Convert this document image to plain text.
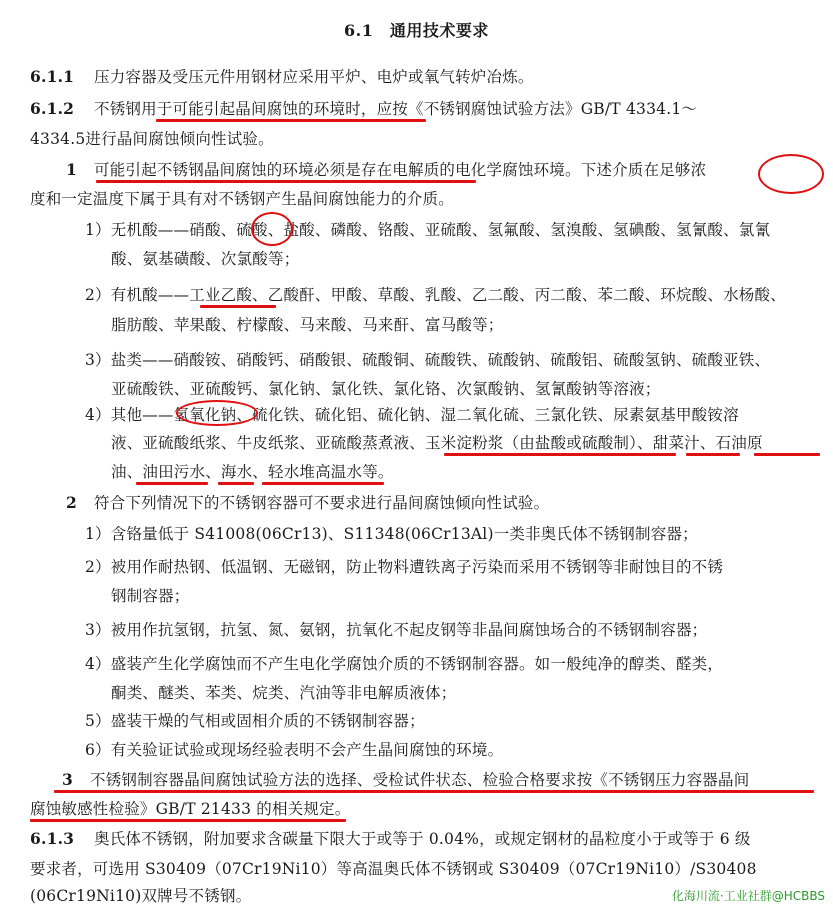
6.1　通用技术要求
6.1.1 压力容器及受压元件用钢材应采用平炉、电炉或氧气转炉冶炼。
6.1.2 不锈钢用于可能引起晶间腐蚀的环境时，应按《不锈钢腐蚀试验方法》GB/T 4334.1～
4334.5进行晶间腐蚀倾向性试验。
1 可能引起不锈钢晶间腐蚀的环境必须是存在电解质的电化学腐蚀环境。下述介质在足够浓
度和一定温度下属于具有对不锈钢产生晶间腐蚀能力的介质。
1）无机酸——硝酸、硫酸、盐酸、磷酸、铬酸、亚硫酸、氢氟酸、氢溴酸、氢碘酸、氢氰酸、氯氰
酸、氨基磺酸、次氯酸等；
2）有机酸——工业乙酸、乙酸酐、甲酸、草酸、乳酸、乙二酸、丙二酸、苯二酸、环烷酸、水杨酸、
脂肪酸、苹果酸、柠檬酸、马来酸、马来酐、富马酸等；
3）盐类——硝酸铵、硝酸钙、硝酸银、硫酸铜、硫酸铁、硫酸钠、硫酸铝、硫酸氢钠、硫酸亚铁、
亚硫酸铁、亚硫酸钙、氯化钠、氯化铁、氯化铬、次氯酸钠、氢氰酸钠等溶液；
4）其他——氢氧化钠、硫化铁、硫化铝、硫化钠、湿二氧化硫、三氯化铁、尿素氨基甲酸铵溶
液、亚硫酸纸浆、牛皮纸浆、亚硫酸蒸煮液、玉米淀粉浆（由盐酸或硫酸制）、甜菜汁、石油原
油、油田污水、海水、轻水堆高温水等。
2 符合下列情况下的不锈钢容器可不要求进行晶间腐蚀倾向性试验。
1）含铬量低于 S41008(06Cr13)、S11348(06Cr13Al)一类非奥氏体不锈钢制容器；
2）被用作耐热钢、低温钢、无磁钢，防止物料遭铁离子污染而采用不锈钢等非耐蚀目的不锈
钢制容器；
3）被用作抗氢钢，抗氢、氮、氨钢，抗氧化不起皮钢等非晶间腐蚀场合的不锈钢制容器；
4）盛装产生化学腐蚀而不产生电化学腐蚀介质的不锈钢制容器。如一般纯净的醇类、醛类，
酮类、醚类、苯类、烷类、汽油等非电解质液体；
5）盛装干燥的气相或固相介质的不锈钢制容器；
6）有关验证试验或现场经验表明不会产生晶间腐蚀的环境。
3 不锈钢制容器晶间腐蚀试验方法的选择、受检试件状态、检验合格要求按《不锈钢压力容器晶间
腐蚀敏感性检验》GB/T 21433 的相关规定。
6.1.3 奥氏体不锈钢，附加要求含碳量下限大于或等于 0.04%，或规定钢材的晶粒度小于或等于 6 级
要求者，可选用 S30409（07Cr19Ni10）等高温奥氏体不锈钢或 S30409（07Cr19Ni10）/S30408
(06Cr19Ni10)双牌号不锈钢。	化海川流·工业社群@HCBBS
